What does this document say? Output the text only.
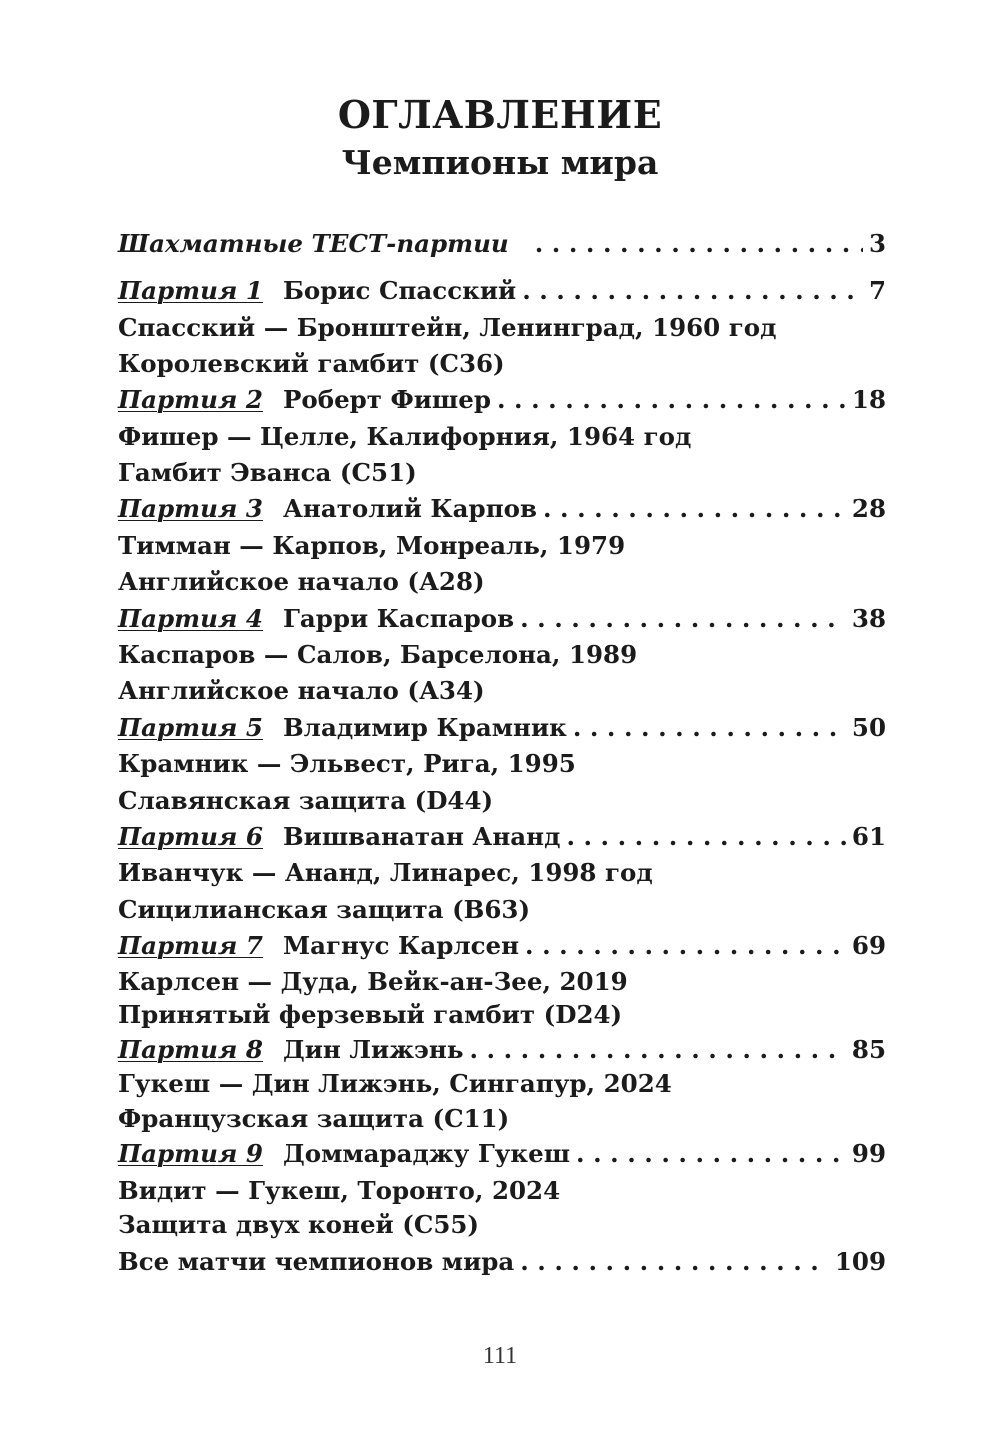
ОГЛАВЛЕНИЕ
Чемпионы мира
Шахматные ТЕСТ-партии . . .	3
Партия 1 Борис Спасский . . .	7
Спасский — Бронштейн, Ленинград, 1960 год
Королевский гамбит (С36)
Партия 2 Роберт Фишер . . .	18
Фишер — Целле, Калифорния, 1964 год
Гамбит Эванса (С51)
Партия 3 Анатолий Карпов . . .	28
Тимман — Карпов, Монреаль, 1979
Английское начало (А28)
Партия 4 Гарри Каспаров . . .	38
Каспаров — Салов, Барселона, 1989
Английское начало (А34)
Партия 5 Владимир Крамник . . .	50
Крамник — Эльвест, Рига, 1995
Славянская защита (D44)
Партия 6 Вишванатан Ананд . . .	61
Иванчук — Ананд, Линарес, 1998 год
Сицилианская защита (В63)
Партия 7 Магнус Карлсен . . .	69
Карлсен — Дуда, Вейк-ан-Зее, 2019
Принятый ферзевый гамбит (D24)
Партия 8 Дин Лижэнь . . .	85
Гукеш — Дин Лижэнь, Сингапур, 2024
Французская защита (С11)
Партия 9 Доммараджу Гукеш . . .	99
Видит — Гукеш, Торонто, 2024
Защита двух коней (С55)
Все матчи чемпионов мира . . .	109
111
